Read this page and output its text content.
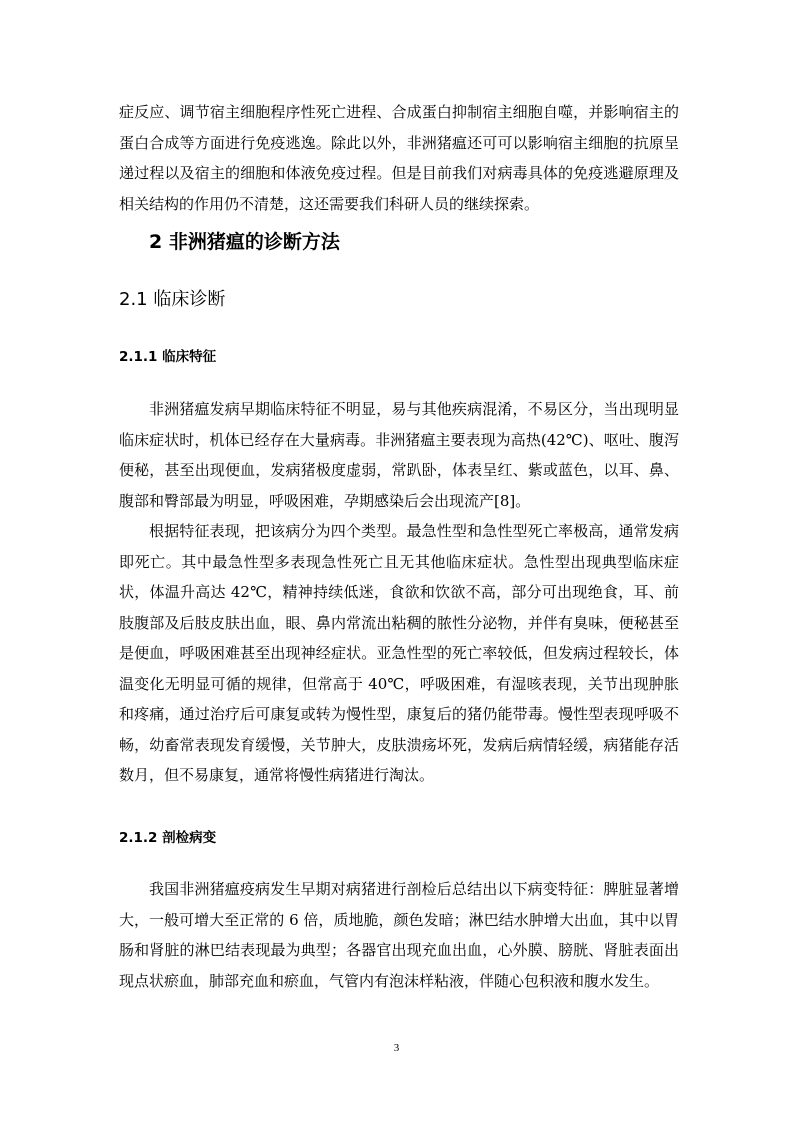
症反应、调节宿主细胞程序性死亡进程、合成蛋白抑制宿主细胞自噬，并影响宿主的蛋白合成等方面进行免疫逃逸。除此以外，非洲猪瘟还可可以影响宿主细胞的抗原呈递过程以及宿主的细胞和体液免疫过程。但是目前我们对病毒具体的免疫逃避原理及相关结构的作用仍不清楚，这还需要我们科研人员的继续探索。

2 非洲猪瘟的诊断方法
2.1 临床诊断
2.1.1 临床特征

非洲猪瘟发病早期临床特征不明显，易与其他疾病混淆，不易区分，当出现明显临床症状时，机体已经存在大量病毒。非洲猪瘟主要表现为高热(42℃)、呕吐、腹泻便秘，甚至出现便血，发病猪极度虚弱，常趴卧，体表呈红、紫或蓝色，以耳、鼻、腹部和臀部最为明显，呼吸困难，孕期感染后会出现流产[8]。

根据特征表现，把该病分为四个类型。最急性型和急性型死亡率极高，通常发病即死亡。其中最急性型多表现急性死亡且无其他临床症状。急性型出现典型临床症状，体温升高达 42℃，精神持续低迷，食欲和饮欲不高，部分可出现绝食，耳、前肢腹部及后肢皮肤出血，眼、鼻内常流出粘稠的脓性分泌物，并伴有臭味，便秘甚至是便血，呼吸困难甚至出现神经症状。亚急性型的死亡率较低，但发病过程较长，体温变化无明显可循的规律，但常高于 40℃，呼吸困难，有湿咳表现，关节出现肿胀和疼痛，通过治疗后可康复或转为慢性型，康复后的猪仍能带毒。慢性型表现呼吸不畅，幼畜常表现发育缓慢，关节肿大，皮肤溃疡坏死，发病后病情轻缓，病猪能存活数月，但不易康复，通常将慢性病猪进行淘汰。

2.1.2 剖检病变

我国非洲猪瘟疫病发生早期对病猪进行剖检后总结出以下病变特征：脾脏显著增大，一般可增大至正常的 6 倍，质地脆，颜色发暗；淋巴结水肿增大出血，其中以胃肠和肾脏的淋巴结表现最为典型；各器官出现充血出血，心外膜、膀胱、肾脏表面出现点状瘀血，肺部充血和瘀血，气管内有泡沫样粘液，伴随心包积液和腹水发生。

3
